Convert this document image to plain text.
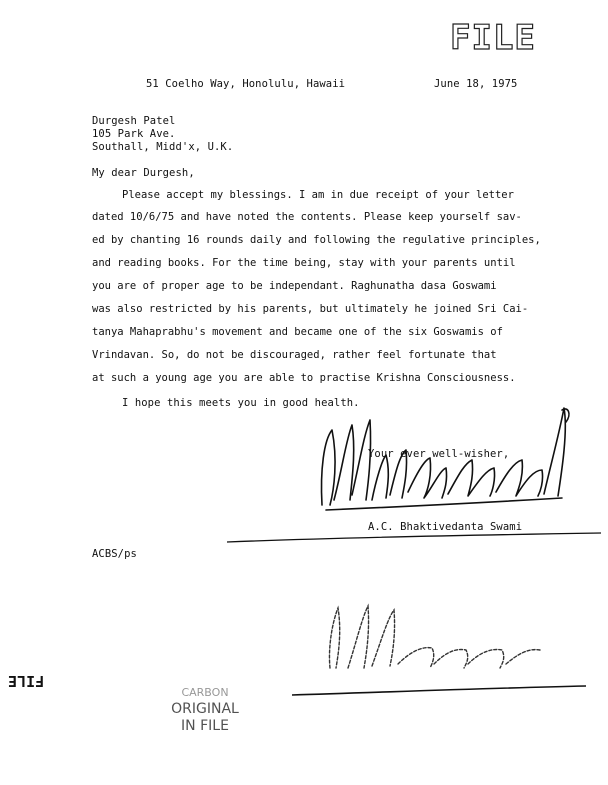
FILE
51 Coelho Way, Honolulu, Hawaii	June 18, 1975
Durgesh Patel
105 Park Ave.
Southall, Midd'x, U.K.
My dear Durgesh,
Please accept my blessings. I am in due receipt of your letter
dated 10/6/75 and have noted the contents. Please keep yourself sav-
ed by chanting 16 rounds daily and following the regulative principles,
and reading books. For the time being, stay with your parents until
you are of proper age to be independant. Raghunatha dasa Goswami
was also restricted by his parents, but ultimately he joined Sri Cai-
tanya Mahaprabhu's movement and became one of the six Goswamis of
Vrindavan. So, do not be discouraged, rather feel fortunate that
at such a young age you are able to practise Krishna Consciousness.
I hope this meets you in good health.
Your ever well-wisher,
A.C. Bhaktivedanta Swami
ACBS/ps
FILE
CARBON
ORIGINAL
IN FILE
